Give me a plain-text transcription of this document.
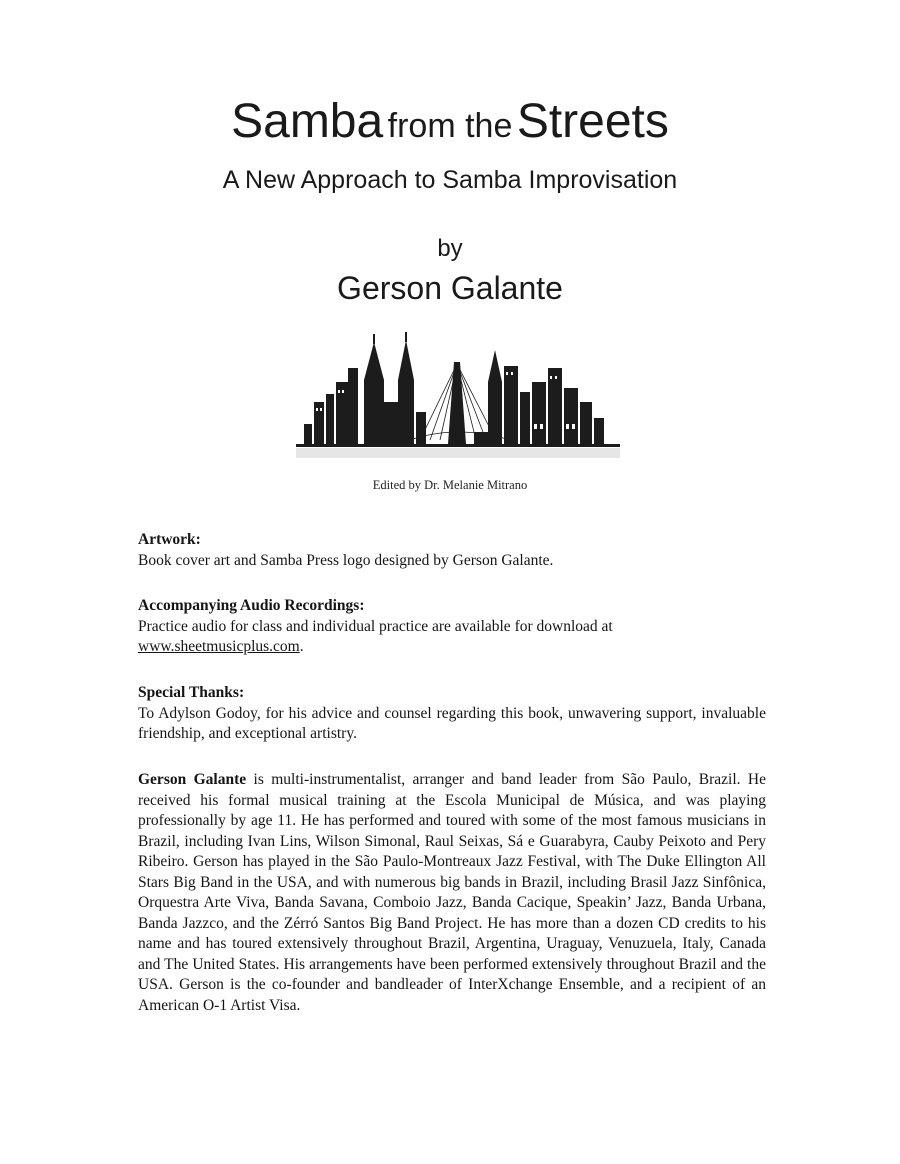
Samba from the Streets
A New Approach to Samba Improvisation
by
Gerson Galante
Edited by Dr. Melanie Mitrano
Artwork:
Book cover art and Samba Press logo designed by Gerson Galante.
Accompanying Audio Recordings:
Practice audio for class and individual practice are available for download at
www.sheetmusicplus.com.
Special Thanks:
To Adylson Godoy, for his advice and counsel regarding this book, unwavering support, invaluable friendship, and exceptional artistry.
Gerson Galante is multi-instrumentalist, arranger and band leader from São Paulo, Brazil. He received his formal musical training at the Escola Municipal de Música, and was playing professionally by age 11. He has performed and toured with some of the most famous musicians in Brazil, including Ivan Lins, Wilson Simonal, Raul Seixas, Sá e Guarabyra, Cauby Peixoto and Pery Ribeiro. Gerson has played in the São Paulo-Montreaux Jazz Festival, with The Duke Ellington All Stars Big Band in the USA, and with numerous big bands in Brazil, including Brasil Jazz Sinfônica, Orquestra Arte Viva, Banda Savana, Comboio Jazz, Banda Cacique, Speakin’ Jazz, Banda Urbana, Banda Jazzco, and the Zérró Santos Big Band Project. He has more than a dozen CD credits to his name and has toured extensively throughout Brazil, Argentina, Uraguay, Venuzuela, Italy, Canada and The United States. His arrangements have been performed extensively throughout Brazil and the USA. Gerson is the co-founder and bandleader of InterXchange Ensemble, and a recipient of an American O-1 Artist Visa.
